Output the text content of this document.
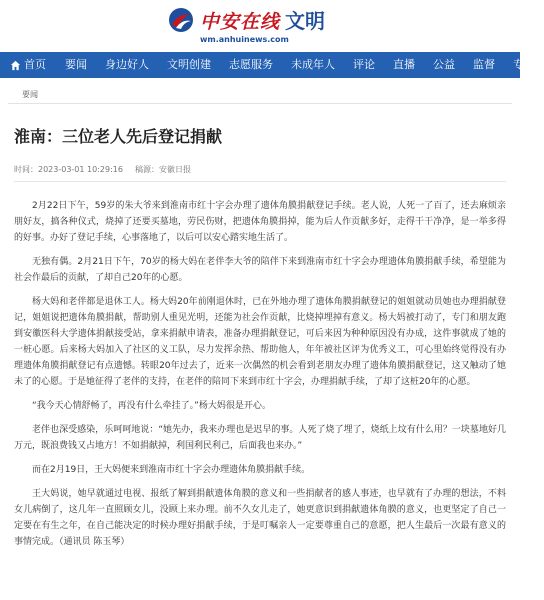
中安在线 文明
wm.anhuinews.com
首页	要闻	身边好人	文明创建	志愿服务	未成年人	评论	直播	公益	监督	专栏
要闻
淮南：三位老人先后登记捐献
时间：2023-03-01 10:29:16 稿源：安徽日报

2月22日下午，59岁的朱大爷来到淮南市红十字会办理了遗体角膜捐献登记手续。老人说，人死一了百了，还去麻烦亲朋好友，搞各种仪式，烧掉了还要买墓地，劳民伤财，把遗体角膜捐掉，能为后人作贡献多好，走得干干净净，是一举多得的好事。办好了登记手续，心事落地了，以后可以安心踏实地生活了。

无独有偶。2月21日下午，70岁的杨大妈在老伴李大爷的陪伴下来到淮南市红十字会办理遗体角膜捐献手续，希望能为社会作最后的贡献，了却自己20年的心愿。

杨大妈和老伴都是退休工人。杨大妈20年前刚退休时，已在外地办理了遗体角膜捐献登记的姐姐就动员她也办理捐献登记，姐姐说把遗体角膜捐献，帮助别人重见光明，还能为社会作贡献，比烧掉埋掉有意义。杨大妈被打动了，专门和朋友跑到安徽医科大学遗体捐献接受站，拿来捐献申请表，准备办理捐献登记，可后来因为种种原因没有办成，这件事就成了她的一桩心愿。后来杨大妈加入了社区的义工队，尽力发挥余热、帮助他人，年年被社区评为优秀义工，可心里始终觉得没有办理遗体角膜捐献登记有点遗憾。转眼20年过去了，近来一次偶然的机会看到老朋友办理了遗体角膜捐献登记，这又触动了她未了的心愿。于是她征得了老伴的支持，在老伴的陪同下来到市红十字会，办理捐献手续，了却了这桩20年的心愿。

“我今天心情舒畅了，再没有什么牵挂了。”杨大妈很是开心。

老伴也深受感染，乐呵呵地说：“她先办，我来办理也是迟早的事。人死了烧了埋了，烧纸上坟有什么用？一块墓地好几万元，既浪费钱又占地方！不如捐献掉，利国利民利己，后面我也来办。”

而在2月19日，王大妈便来到淮南市红十字会办理遗体角膜捐献手续。

王大妈说，她早就通过电视、报纸了解到捐献遗体角膜的意义和一些捐献者的感人事迹，也早就有了办理的想法，不料女儿病倒了，这几年一直照顾女儿，没顾上来办理。前不久女儿走了，她更意识到捐献遗体角膜的意义，也更坚定了自己一定要在有生之年，在自己能决定的时候办理好捐献手续，于是叮嘱亲人一定要尊重自己的意愿，把人生最后一次最有意义的事情完成。（通讯员 陈玉琴）
